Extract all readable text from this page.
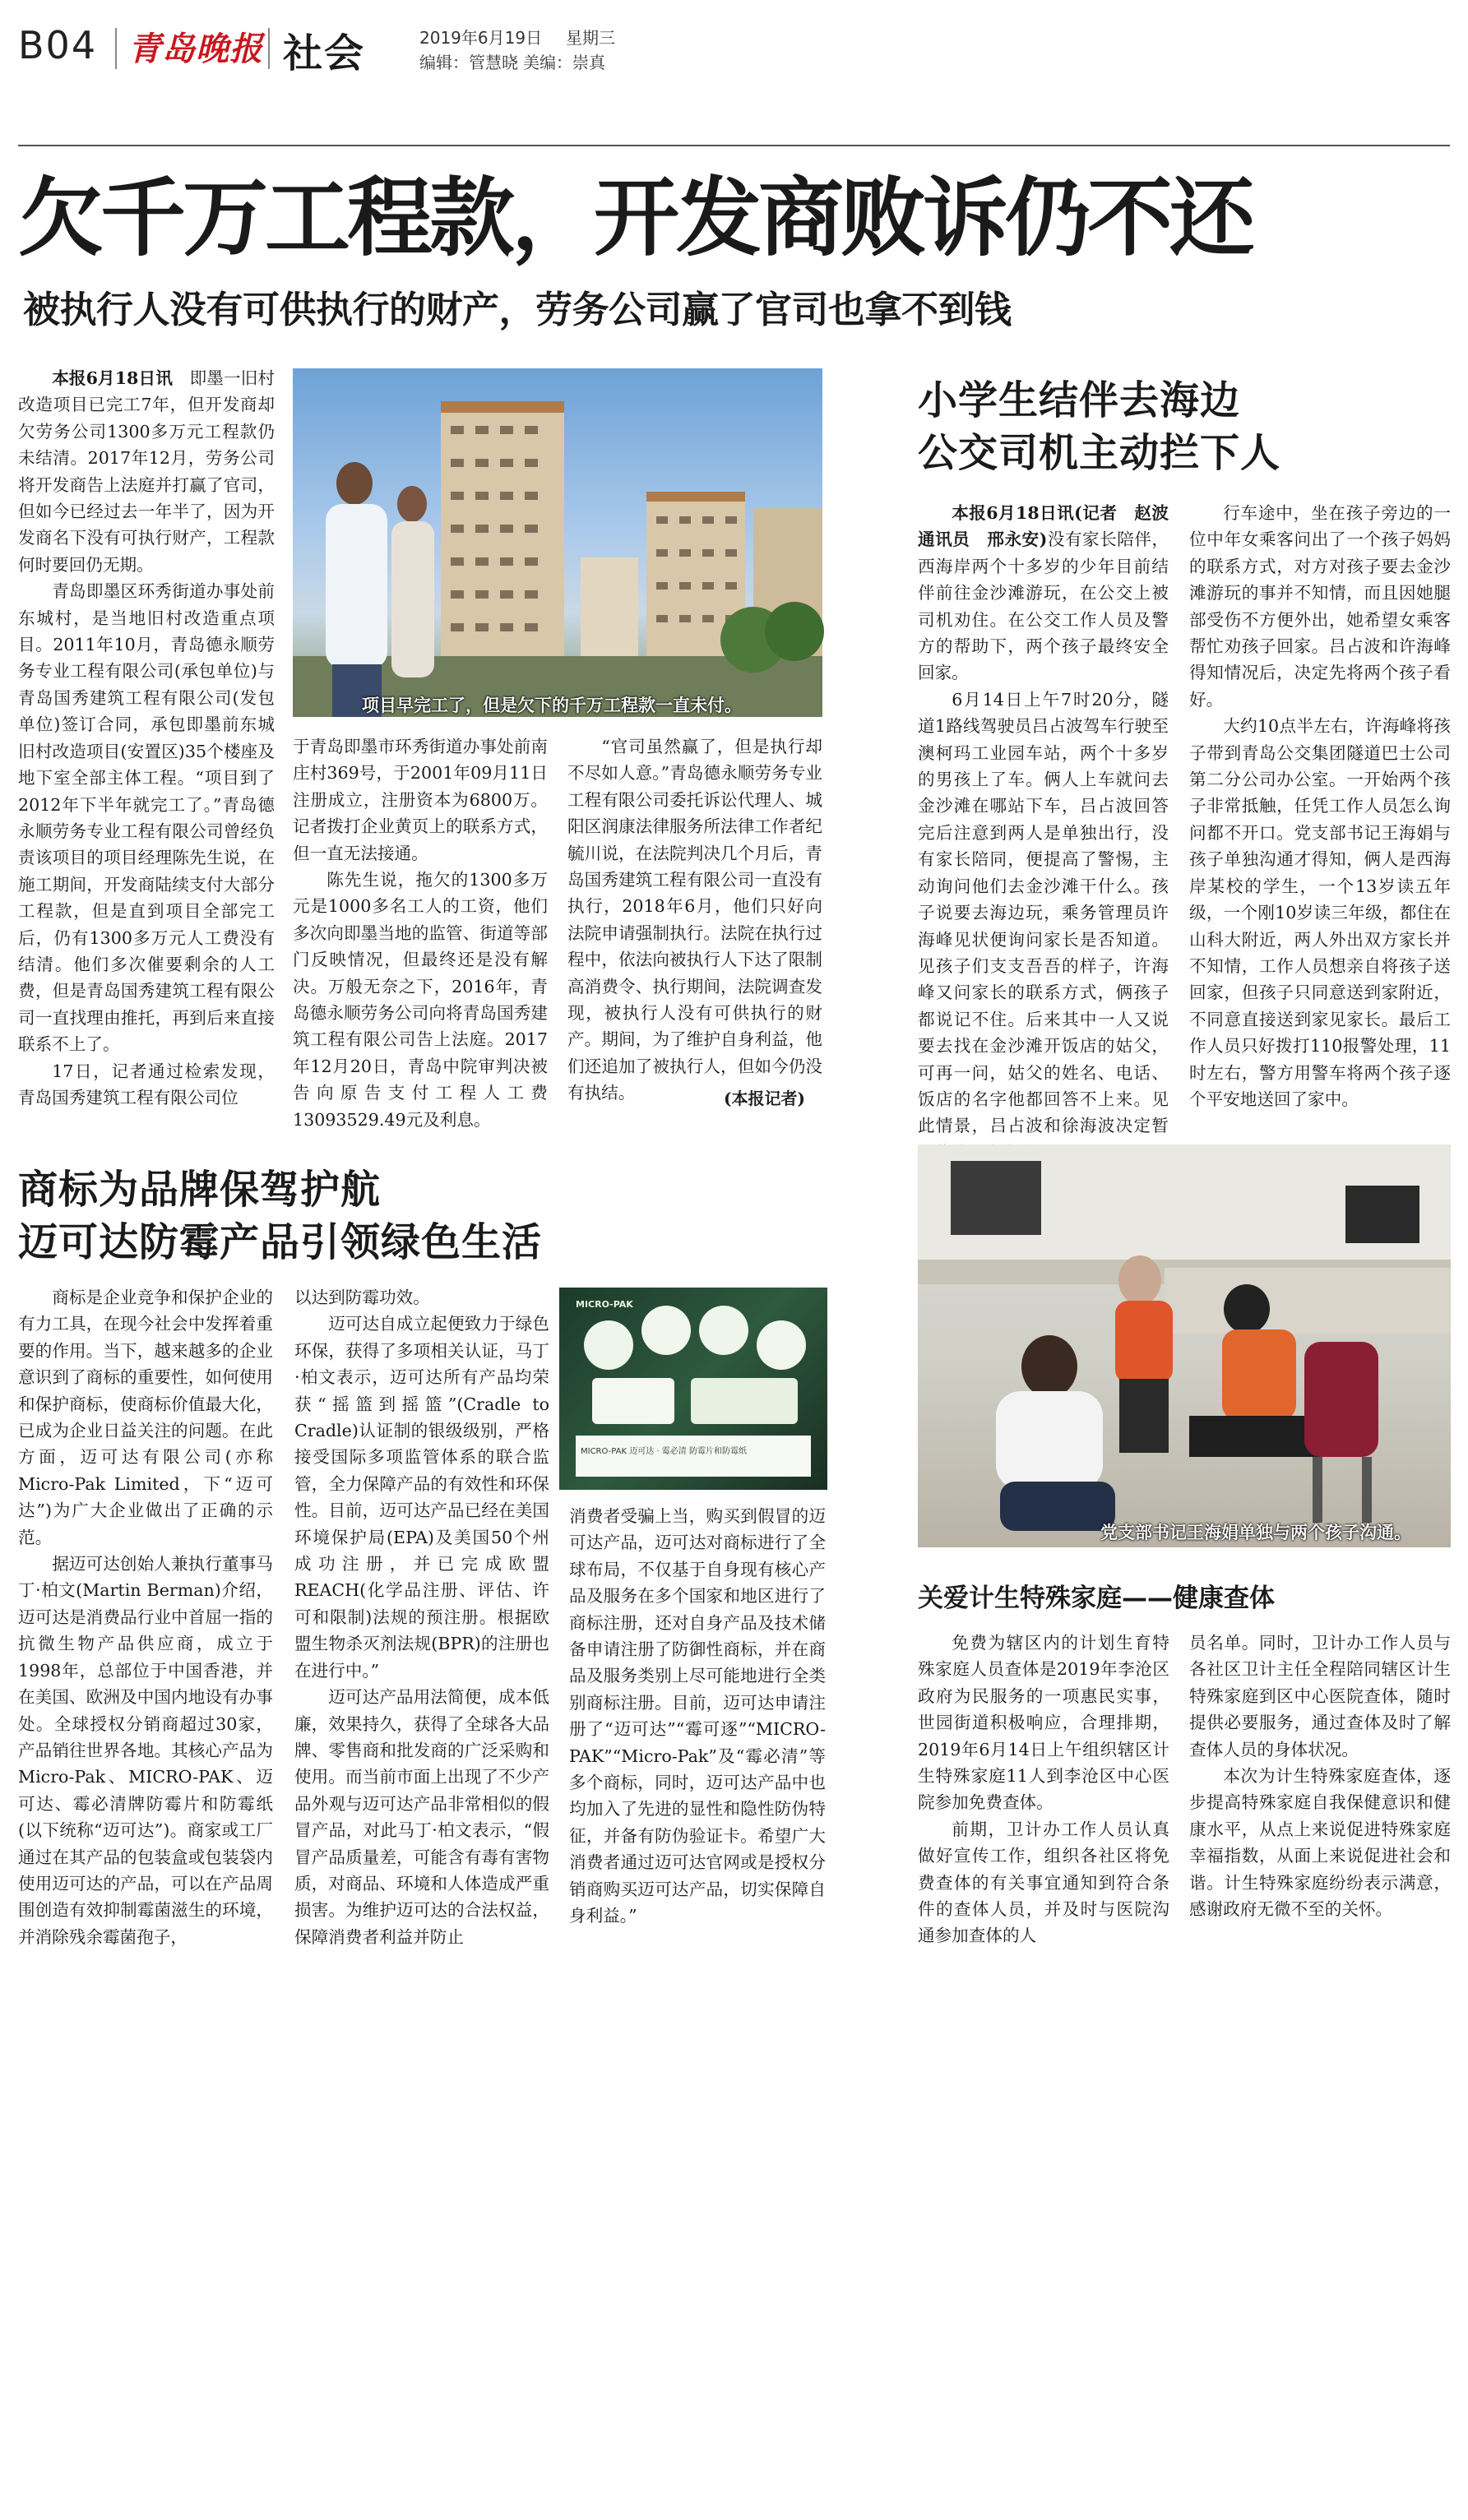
B04 青岛晚报 社会	2019年6月19日 星期三
编辑：管慧晓 美编：崇真
欠千万工程款，开发商败诉仍不还
被执行人没有可供执行的财产，劳务公司赢了官司也拿不到钱
项目早完工了，但是欠下的千万工程款一直未付。

本报6月18日讯　 即墨一旧村改造项目已完工7年，但开发商却欠劳务公司1300多万元工程款仍未结清。2017年12月，劳务公司将开发商告上法庭并打赢了官司，但如今已经过去一年半了，因为开发商名下没有可执行财产，工程款何时要回仍无期。

青岛即墨区环秀街道办事处前东城村，是当地旧村改造重点项目。2011年10月，青岛德永顺劳务专业工程有限公司(承包单位)与青岛国秀建筑工程有限公司(发包单位)签订合同，承包即墨前东城旧村改造项目(安置区)35个楼座及地下室全部主体工程。“项目到了2012年下半年就完工了。”青岛德永顺劳务专业工程有限公司曾经负责该项目的项目经理陈先生说，在施工期间，开发商陆续支付大部分工程款，但是直到项目全部完工后，仍有1300多万元人工费没有结清。他们多次催要剩余的人工费，但是青岛国秀建筑工程有限公司一直找理由推托，再到后来直接联系不上了。

17日，记者通过检索发现，青岛国秀建筑工程有限公司位

于青岛即墨市环秀街道办事处前南庄村369号，于2001年09月11日注册成立，注册资本为6800万。记者拨打企业黄页上的联系方式，但一直无法接通。

陈先生说，拖欠的1300多万元是1000多名工人的工资，他们多次向即墨当地的监管、街道等部门反映情况，但最终还是没有解决。万般无奈之下，2016年，青岛德永顺劳务公司向将青岛国秀建筑工程有限公司告上法庭。2017年12月20日，青岛中院审判决被告向原告支付工程人工费13093529.49元及利息。

“官司虽然赢了，但是执行却不尽如人意。”青岛德永顺劳务专业工程有限公司委托诉讼代理人、城阳区润康法律服务所法律工作者纪毓川说，在法院判决几个月后，青岛国秀建筑工程有限公司一直没有执行，2018年6月，他们只好向法院申请强制执行。法院在执行过程中，依法向被执行人下达了限制高消费令、执行期间，法院调查发现，被执行人没有可供执行的财产。期间，为了维护自身利益，他们还追加了被执行人，但如今仍没有执结。	(本报记者)
小学生结伴去海边
公交司机主动拦下人

本报6月18日讯(记者　赵波　通讯员　邢永安)没有家长陪伴，西海岸两个十多岁的少年目前结伴前往金沙滩游玩，在公交上被司机劝住。在公交工作人员及警方的帮助下，两个孩子最终安全回家。

6月14日上午7时20分，隧道1路线驾驶员吕占波驾车行驶至澳柯玛工业园车站，两个十多岁的男孩上了车。俩人上车就问去金沙滩在哪站下车，吕占波回答完后注意到两人是单独出行，没有家长陪同，便提高了警惕，主动询问他们去金沙滩干什么。孩子说要去海边玩，乘务管理员许海峰见状便询问家长是否知道。见孩子们支支吾吾的样子，许海峰又问家长的联系方式，俩孩子都说记不住。后来其中一人又说要去找在金沙滩开饭店的姑父，可再一问，姑父的姓名、电话、饭店的名字他都回答不上来。见此情景，吕占波和徐海波决定暂

行车途中，坐在孩子旁边的一位中年女乘客问出了一个孩子妈妈的联系方式，对方对孩子要去金沙滩游玩的事并不知情，而且因她腿部受伤不方便外出，她希望女乘客帮忙劝孩子回家。吕占波和许海峰得知情况后，决定先将两个孩子看好。

大约10点半左右，许海峰将孩子带到青岛公交集团隧道巴士公司第二分公司办公室。一开始两个孩子非常抵触，任凭工作人员怎么询问都不开口。党支部书记王海娟与孩子单独沟通才得知，俩人是西海岸某校的学生，一个13岁读五年级，一个刚10岁读三年级，都住在山科大附近，两人外出双方家长并不知情，工作人员想亲自将孩子送回家，但孩子只同意送到家附近，不同意直接送到家见家长。最后工作人员只好拨打110报警处理，11时左右，警方用警车将两个孩子逐个平安地送回了家中。

党支部书记王海娟单独与两个孩子沟通。
商标为品牌保驾护航
迈可达防霉产品引领绿色生活

商标是企业竞争和保护企业的有力工具，在现今社会中发挥着重要的作用。当下，越来越多的企业意识到了商标的重要性，如何使用和保护商标，使商标价值最大化，已成为企业日益关注的问题。在此方面，迈可达有限公司(亦称Micro-Pak Limited，下“迈可达”)为广大企业做出了正确的示范。

据迈可达创始人兼执行董事马丁·柏文(Martin Berman)介绍，迈可达是消费品行业中首屈一指的抗微生物产品供应商，成立于1998年，总部位于中国香港，并在美国、欧洲及中国内地设有办事处。全球授权分销商超过30家，产品销往世界各地。其核心产品为Micro-Pak、MICRO-PAK、迈可达、霉必清牌防霉片和防霉纸(以下统称“迈可达”)。商家或工厂通过在其产品的包装盒或包装袋内使用迈可达的产品，可以在产品周围创造有效抑制霉菌滋生的环境，并消除残余霉菌孢子，

以达到防霉功效。

迈可达自成立起便致力于绿色环保，获得了多项相关认证，马丁·柏文表示，迈可达所有产品均荣获“摇篮到摇篮”(Cradle to Cradle)认证制的银级级别，严格接受国际多项监管体系的联合监管，全力保障产品的有效性和环保性。目前，迈可达产品已经在美国环境保护局(EPA)及美国50个州成功注册，并已完成欧盟REACH(化学品注册、评估、许可和限制)法规的预注册。根据欧盟生物杀灭剂法规(BPR)的注册也在进行中。”

迈可达产品用法简便，成本低廉，效果持久，获得了全球各大品牌、零售商和批发商的广泛采购和使用。而当前市面上出现了不少产品外观与迈可达产品非常相似的假冒产品，对此马丁·柏文表示，“假冒产品质量差，可能含有毒有害物质，对商品、环境和人体造成严重损害。为维护迈可达的合法权益，保障消费者利益并防止

MICRO-PAK
MICRO-PAK 迈可达 · 霉必清 防霉片和防霉纸

消费者受骗上当，购买到假冒的迈可达产品，迈可达对商标进行了全球布局，不仅基于自身现有核心产品及服务在多个国家和地区进行了商标注册，还对自身产品及技术储备申请注册了防御性商标，并在商品及服务类别上尽可能地进行全类别商标注册。目前，迈可达申请注册了“迈可达”“霉可逐”“MICRO-PAK”“Micro-Pak”及“霉必清”等多个商标，同时，迈可达产品中也均加入了先进的显性和隐性防伪特征，并备有防伪验证卡。希望广大消费者通过迈可达官网或是授权分销商购买迈可达产品，切实保障自身利益。”

关爱计生特殊家庭——健康查体

免费为辖区内的计划生育特殊家庭人员查体是2019年李沧区政府为民服务的一项惠民实事，世园街道积极响应，合理排期，2019年6月14日上午组织辖区计生特殊家庭11人到李沧区中心医院参加免费查体。

前期，卫计办工作人员认真做好宣传工作，组织各社区将免费查体的有关事宜通知到符合条件的查体人员，并及时与医院沟通参加查体的人

员名单。同时，卫计办工作人员与各社区卫计主任全程陪同辖区计生特殊家庭到区中心医院查体，随时提供必要服务，通过查体及时了解查体人员的身体状况。

本次为计生特殊家庭查体，逐步提高特殊家庭自我保健意识和健康水平，从点上来说促进特殊家庭幸福指数，从面上来说促进社会和谐。计生特殊家庭纷纷表示满意，感谢政府无微不至的关怀。
